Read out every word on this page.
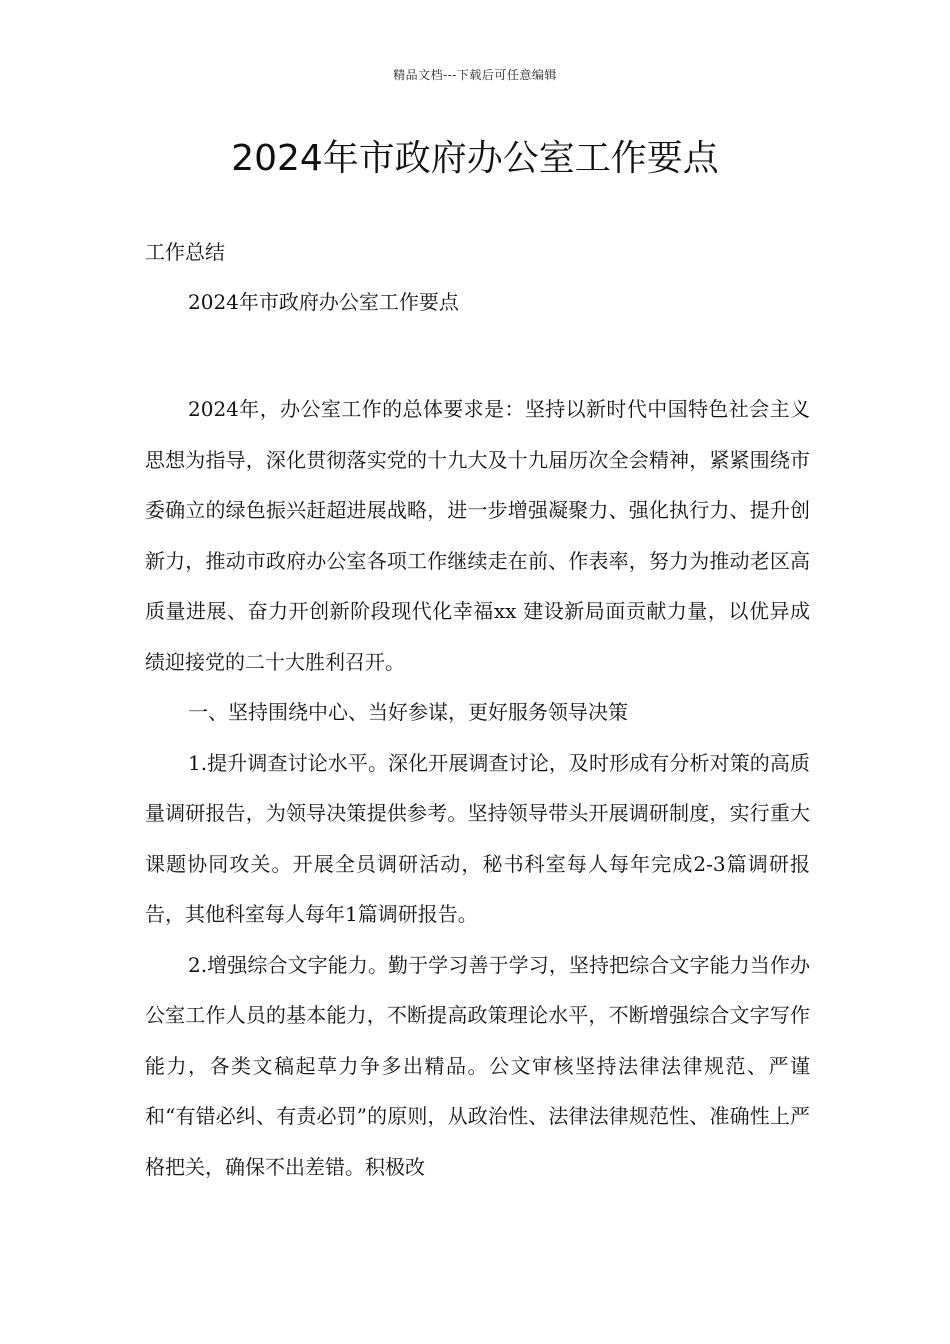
精品文档---下载后可任意编辑
2024年市政府办公室工作要点
工作总结
2024年市政府办公室工作要点

2024年，办公室工作的总体要求是：坚持以新时代中国特色社会主义思想为指导，深化贯彻落实党的十九大及十九届历次全会精神，紧紧围绕市委确立的绿色振兴赶超进展战略，进一步增强凝聚力、强化执行力、提升创新力，推动市政府办公室各项工作继续走在前、作表率，努力为推动老区高质量进展、奋力开创新阶段现代化幸福xx 建设新局面贡献力量，以优异成绩迎接党的二十大胜利召开。

一、坚持围绕中心、当好参谋，更好服务领导决策

1.提升调查讨论水平。深化开展调查讨论，及时形成有分析对策的高质量调研报告，为领导决策提供参考。坚持领导带头开展调研制度，实行重大课题协同攻关。开展全员调研活动，秘书科室每人每年完成2-3篇调研报告，其他科室每人每年1篇调研报告。

2.增强综合文字能力。勤于学习善于学习，坚持把综合文字能力当作办公室工作人员的基本能力，不断提高政策理论水平，不断增强综合文字写作能力，各类文稿起草力争多出精品。公文审核坚持法律法律规范、严谨和“有错必纠、有责必罚”的原则，从政治性、法律法律规范性、准确性上严格把关，确保不出差错。积极改
